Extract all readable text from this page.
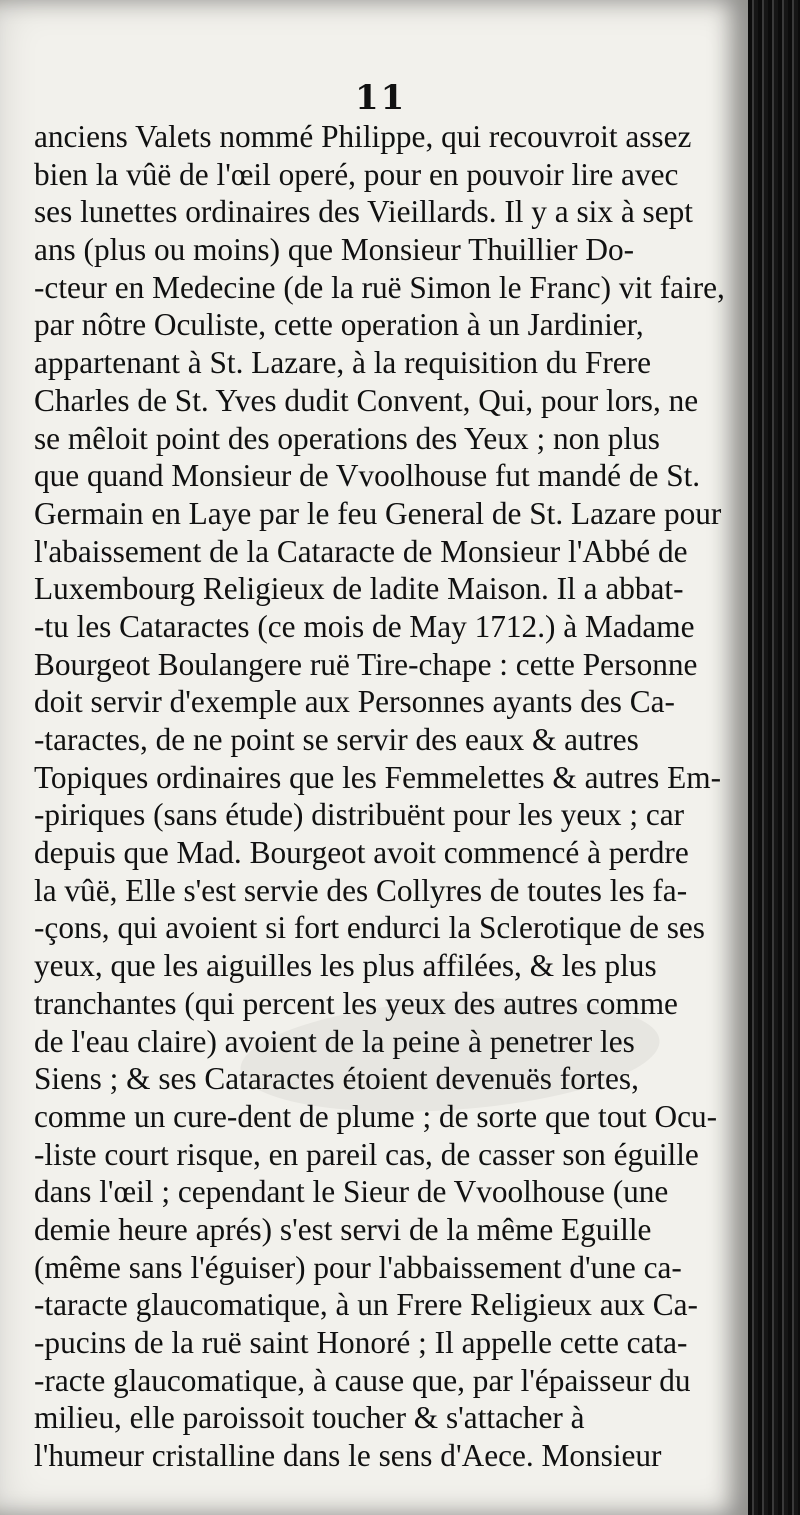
11
anciens Valets nommé Philippe, qui recouvroit assez
bien la vûë de l'œil operé, pour en pouvoir lire avec
ses lunettes ordinaires des Vieillards. Il y a six à sept
ans (plus ou moins) que Monsieur Thuillier Do-
-cteur en Medecine (de la ruë Simon le Franc) vit faire,
par nôtre Oculiste, cette operation à un Jardinier,
appartenant à St. Lazare, à la requisition du Frere
Charles de St. Yves dudit Convent, Qui, pour lors, ne
se mêloit point des operations des Yeux ; non plus
que quand Monsieur de Vvoolhouse fut mandé de St.
Germain en Laye par le feu General de St. Lazare pour
l'abaissement de la Cataracte de Monsieur l'Abbé de
Luxembourg Religieux de ladite Maison. Il a abbat-
-tu les Cataractes (ce mois de May 1712.) à Madame
Bourgeot Boulangere ruë Tire-chape : cette Personne
doit servir d'exemple aux Personnes ayants des Ca-
-taractes, de ne point se servir des eaux & autres
Topiques ordinaires que les Femmelettes & autres Em-
-piriques (sans étude) distribuënt pour les yeux ; car
depuis que Mad. Bourgeot avoit commencé à perdre
la vûë, Elle s'est servie des Collyres de toutes les fa-
-çons, qui avoient si fort endurci la Sclerotique de ses
yeux, que les aiguilles les plus affilées, & les plus
tranchantes (qui percent les yeux des autres comme
de l'eau claire) avoient de la peine à penetrer les
Siens ; & ses Cataractes étoient devenuës fortes,
comme un cure-dent de plume ; de sorte que tout Ocu-
-liste court risque, en pareil cas, de casser son éguille
dans l'œil ; cependant le Sieur de Vvoolhouse (une
demie heure aprés) s'est servi de la même Eguille
(même sans l'éguiser) pour l'abbaissement d'une ca-
-taracte glaucomatique, à un Frere Religieux aux Ca-
-pucins de la ruë saint Honoré ; Il appelle cette cata-
-racte glaucomatique, à cause que, par l'épaisseur du
milieu, elle paroissoit toucher & s'attacher à
l'humeur cristalline dans le sens d'Aece. Monsieur
